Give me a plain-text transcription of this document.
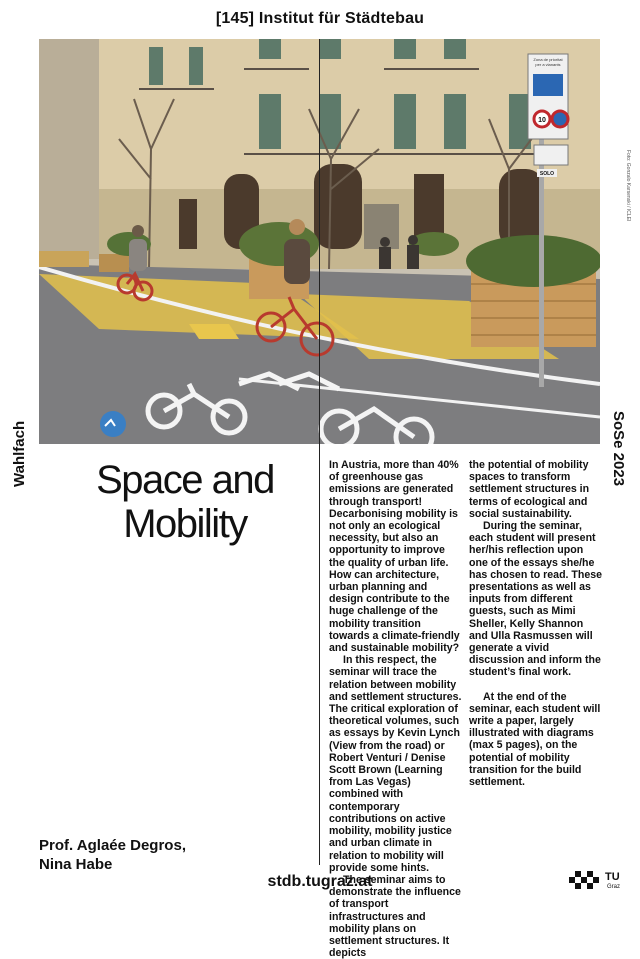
[145] Institut für Städtebau
Zona de prioritat
per a vianants
10
SOLO	Foto: Gonzalo Karsenski / ICLEI
Wahlfach	SoSe 2023
Space and
Mobility

In Austria, more than 40% of greenhouse gas emissions are generated through transport! Decarbonising mobility is not only an ecological necessity, but also an opportunity to improve the quality of urban life. How can architecture, urban planning and design contribute to the huge challenge of the mobility transition towards a climate-friendly and sustainable mobility?

In this respect, the seminar will trace the relation between mobility and settlement structures. The critical exploration of theoretical volumes, such as essays by Kevin Lynch (View from the road) or Robert Venturi / Denise Scott Brown (Learning from Las Vegas) combined with contemporary contributions on active mobility, mobility justice and urban climate in relation to mobility will provide some hints.

The seminar aims to demonstrate the influence of transport infrastructures and mobility plans on settlement structures. It depicts

the potential of mobility spaces to transform settlement structures in terms of ecological and social sustainability.

During the seminar, each student will present her/his reflection upon one of the essays she/he has chosen to read. These presentations as well as inputs from different guests, such as Mimi Sheller, Kelly Shannon and Ulla Rasmussen will generate a vivid discussion and inform the student’s final work.

At the end of the seminar, each student will write a paper, largely illustrated with diagrams (max 5 pages), on the potential of mobility transition for the build settlement.

Prof. Aglaée Degros,
Nina Habe
stdb.tugraz.at	TU
Graz
